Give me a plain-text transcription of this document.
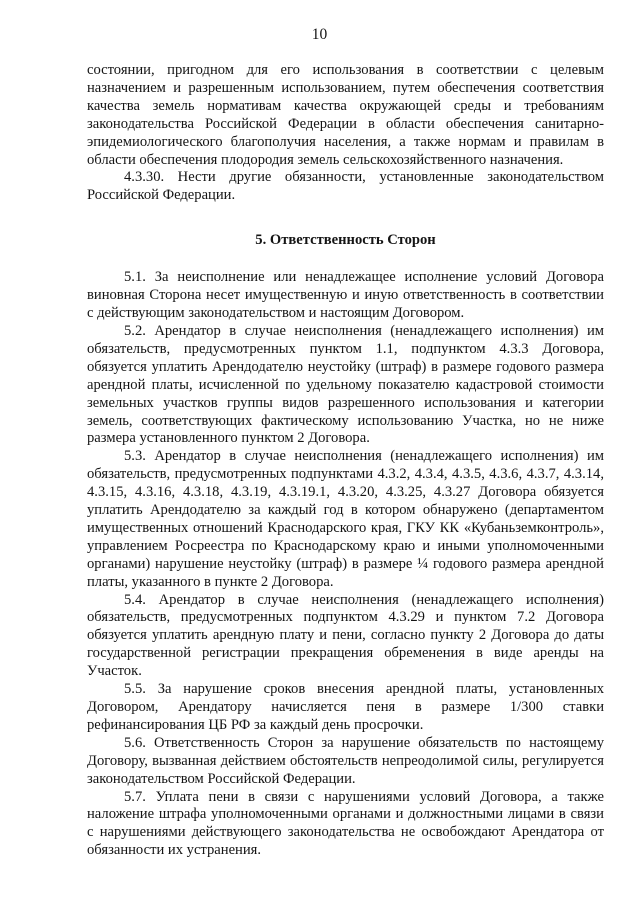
10

состоянии, пригодном для его использования в соответствии с целевым назначением и разрешенным использованием, путем обеспечения соответствия качества земель нормативам качества окружающей среды и требованиям законодательства Российской Федерации в области обеспечения санитарно-эпидемиологического благополучия населения, а также нормам и правилам в области обеспечения плодородия земель сельскохозяйственного назначения.

4.3.30. Нести другие обязанности, установленные законодательством Российской Федерации.

5. Ответственность Сторон

5.1. За неисполнение или ненадлежащее исполнение условий Договора виновная Сторона несет имущественную и иную ответственность в соответствии с действующим законодательством и настоящим Договором.

5.2. Арендатор в случае неисполнения (ненадлежащего исполнения) им обязательств, предусмотренных пунктом 1.1, подпунктом 4.3.3 Договора, обязуется уплатить Арендодателю неустойку (штраф) в размере годового размера арендной платы, исчисленной по удельному показателю кадастровой стоимости земельных участков группы видов разрешенного использования и категории земель, соответствующих фактическому использованию Участка, но не ниже размера установленного пунктом 2 Договора.

5.3. Арендатор в случае неисполнения (ненадлежащего исполнения) им обязательств, предусмотренных подпунктами 4.3.2, 4.3.4, 4.3.5, 4.3.6, 4.3.7, 4.3.14, 4.3.15, 4.3.16, 4.3.18, 4.3.19, 4.3.19.1, 4.3.20, 4.3.25, 4.3.27 Договора обязуется уплатить Арендодателю за каждый год в котором обнаружено (департаментом имущественных отношений Краснодарского края, ГКУ КК «Кубаньземконтроль», управлением Росреестра по Краснодарскому краю и иными уполномоченными органами) нарушение неустойку (штраф) в размере ¼ годового размера арендной платы, указанного в пункте 2 Договора.

5.4. Арендатор в случае неисполнения (ненадлежащего исполнения) обязательств, предусмотренных подпунктом 4.3.29 и пунктом 7.2 Договора обязуется уплатить арендную плату и пени, согласно пункту 2 Договора до даты государственной регистрации прекращения обременения в виде аренды на Участок.

5.5. За нарушение сроков внесения арендной платы, установленных Договором, Арендатору начисляется пеня в размере 1/300 ставки рефинансирования ЦБ РФ за каждый день просрочки.

5.6. Ответственность Сторон за нарушение обязательств по настоящему Договору, вызванная действием обстоятельств непреодолимой силы, регулируется законодательством Российской Федерации.

5.7. Уплата пени в связи с нарушениями условий Договора, а также наложение штрафа уполномоченными органами и должностными лицами в связи с нарушениями действующего законодательства не освобождают Арендатора от обязанности их устранения.
